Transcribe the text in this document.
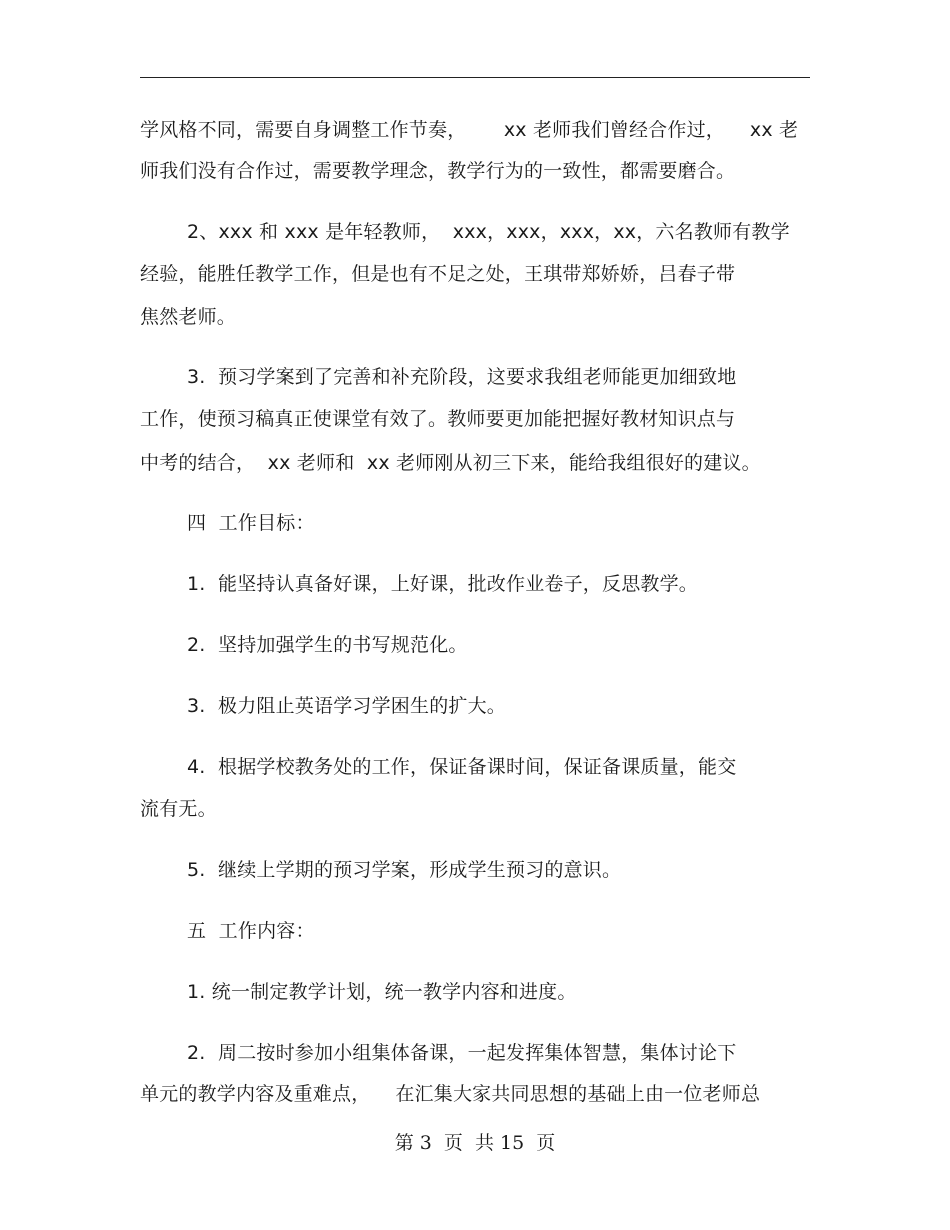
学风格不同，需要自身调整工作节奏，      xx 老师我们曾经合作过，    xx 老
师我们没有合作过，需要教学理念，教学行为的一致性，都需要磨合。
2、xxx 和 xxx 是年轻教师，  xxx，xxx，xxx，xx，六名教师有教学
经验，能胜任教学工作，但是也有不足之处，王琪带郑娇娇，吕春子带
焦然老师。
3.  预习学案到了完善和补充阶段，这要求我组老师能更加细致地
工作，使预习稿真正使课堂有效了。教师要更加能把握好教材知识点与
中考的结合，  xx 老师和  xx 老师刚从初三下来，能给我组很好的建议。
四  工作目标：
1.  能坚持认真备好课，上好课，批改作业卷子，反思教学。
2.  坚持加强学生的书写规范化。
3.  极力阻止英语学习学困生的扩大。
4.  根据学校教务处的工作，保证备课时间，保证备课质量，能交
流有无。
5.  继续上学期的预习学案，形成学生预习的意识。
五  工作内容：
1. 统一制定教学计划，统一教学内容和进度。
2.  周二按时参加小组集体备课，一起发挥集体智慧，集体讨论下
单元的教学内容及重难点，    在汇集大家共同思想的基础上由一位老师总
第 3  页  共 15  页
